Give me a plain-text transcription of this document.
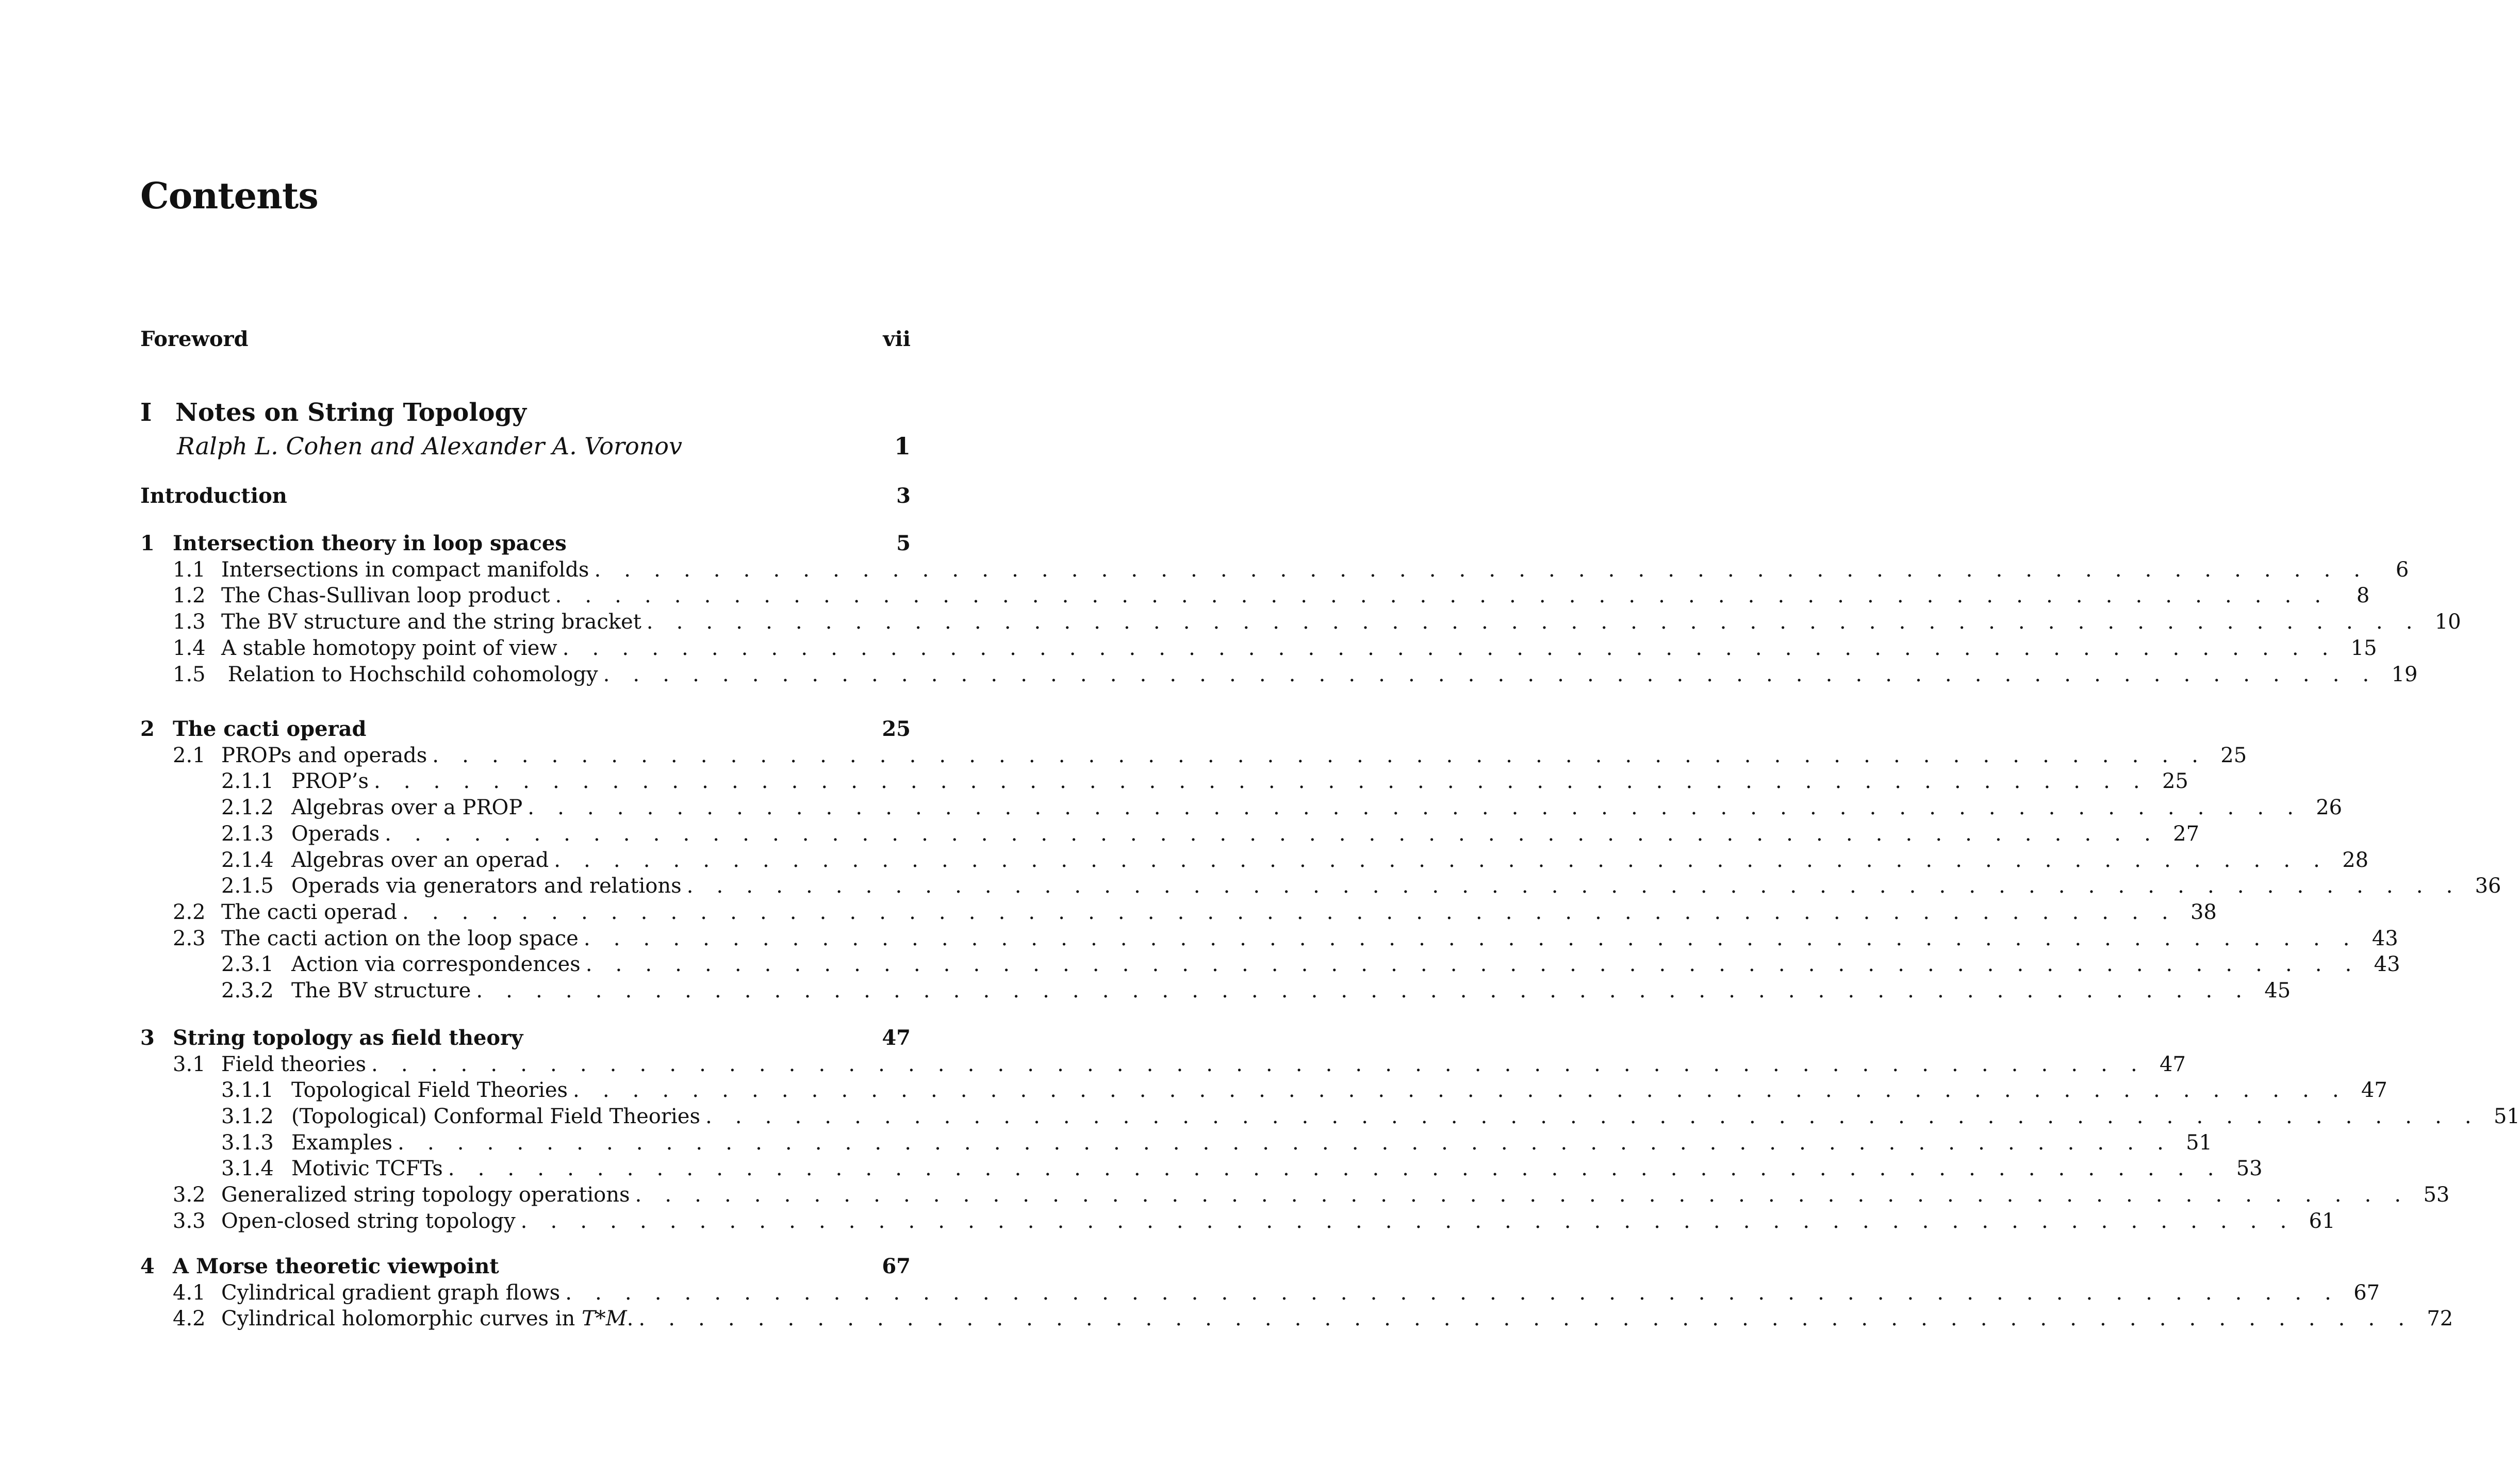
Contents
Foreword	vii
I Notes on String Topology
Ralph L. Cohen and Alexander A. Voronov	1
Introduction	3
1 Intersection theory in loop spaces	5
1.1 Intersections in compact manifolds . . . . . . . . . . . . . . . . . . . . . . . . . . . . . . . . . . . . . . . . . . . . . . . . . . . . . . . . . . . .	6
1.2 The Chas-Sullivan loop product . . . . . . . . . . . . . . . . . . . . . . . . . . . . . . . . . . . . . . . . . . . . . . . . . . . . . . . . . . . .	8
1.3 The BV structure and the string bracket . . . . . . . . . . . . . . . . . . . . . . . . . . . . . . . . . . . . . . . . . . . . . . . . . . . . . . . . . . . . 10
1.4 A stable homotopy point of view . . . . . . . . . . . . . . . . . . . . . . . . . . . . . . . . . . . . . . . . . . . . . . . . . . . . . . . . . . . . 15
1.5 Relation to Hochschild cohomology . . . . . . . . . . . . . . . . . . . . . . . . . . . . . . . . . . . . . . . . . . . . . . . . . . . . . . . . . . . . 19
2 The cacti operad	25
2.1 PROPs and operads . . . . . . . . . . . . . . . . . . . . . . . . . . . . . . . . . . . . . . . . . . . . . . . . . . . . . . . . . . . . 25
2.1.1 PROP’s . . . . . . . . . . . . . . . . . . . . . . . . . . . . . . . . . . . . . . . . . . . . . . . . . . . . . . . . . . . . 25
2.1.2 Algebras over a PROP . . . . . . . . . . . . . . . . . . . . . . . . . . . . . . . . . . . . . . . . . . . . . . . . . . . . . . . . . . . . 26
2.1.3 Operads . . . . . . . . . . . . . . . . . . . . . . . . . . . . . . . . . . . . . . . . . . . . . . . . . . . . . . . . . . . . 27
2.1.4 Algebras over an operad . . . . . . . . . . . . . . . . . . . . . . . . . . . . . . . . . . . . . . . . . . . . . . . . . . . . . . . . . . . . 28
2.1.5 Operads via generators and relations . . . . . . . . . . . . . . . . . . . . . . . . . . . . . . . . . . . . . . . . . . . . . . . . . . . . . . . . . . . . 36
2.2 The cacti operad . . . . . . . . . . . . . . . . . . . . . . . . . . . . . . . . . . . . . . . . . . . . . . . . . . . . . . . . . . . . 38
2.3 The cacti action on the loop space . . . . . . . . . . . . . . . . . . . . . . . . . . . . . . . . . . . . . . . . . . . . . . . . . . . . . . . . . . . . 43
2.3.1 Action via correspondences . . . . . . . . . . . . . . . . . . . . . . . . . . . . . . . . . . . . . . . . . . . . . . . . . . . . . . . . . . . . 43
2.3.2 The BV structure . . . . . . . . . . . . . . . . . . . . . . . . . . . . . . . . . . . . . . . . . . . . . . . . . . . . . . . . . . . . 45
3 String topology as field theory	47
3.1 Field theories . . . . . . . . . . . . . . . . . . . . . . . . . . . . . . . . . . . . . . . . . . . . . . . . . . . . . . . . . . . . 47
3.1.1 Topological Field Theories . . . . . . . . . . . . . . . . . . . . . . . . . . . . . . . . . . . . . . . . . . . . . . . . . . . . . . . . . . . . 47
3.1.2 (Topological) Conformal Field Theories . . . . . . . . . . . . . . . . . . . . . . . . . . . . . . . . . . . . . . . . . . . . . . . . . . . . . . . . . . . . 51
3.1.3 Examples . . . . . . . . . . . . . . . . . . . . . . . . . . . . . . . . . . . . . . . . . . . . . . . . . . . . . . . . . . . . 51
3.1.4 Motivic TCFTs . . . . . . . . . . . . . . . . . . . . . . . . . . . . . . . . . . . . . . . . . . . . . . . . . . . . . . . . . . . . 53
3.2 Generalized string topology operations . . . . . . . . . . . . . . . . . . . . . . . . . . . . . . . . . . . . . . . . . . . . . . . . . . . . . . . . . . . . 53
3.3 Open-closed string topology . . . . . . . . . . . . . . . . . . . . . . . . . . . . . . . . . . . . . . . . . . . . . . . . . . . . . . . . . . . . 61
4 A Morse theoretic viewpoint	67
4.1 Cylindrical gradient graph flows . . . . . . . . . . . . . . . . . . . . . . . . . . . . . . . . . . . . . . . . . . . . . . . . . . . . . . . . . . . . 67
4.2 Cylindrical holomorphic curves in T*M. . . . . . . . . . . . . . . . . . . . . . . . . . . . . . . . . . . . . . . . . . . . . . . . . . . . . . . . . . . . . 72
